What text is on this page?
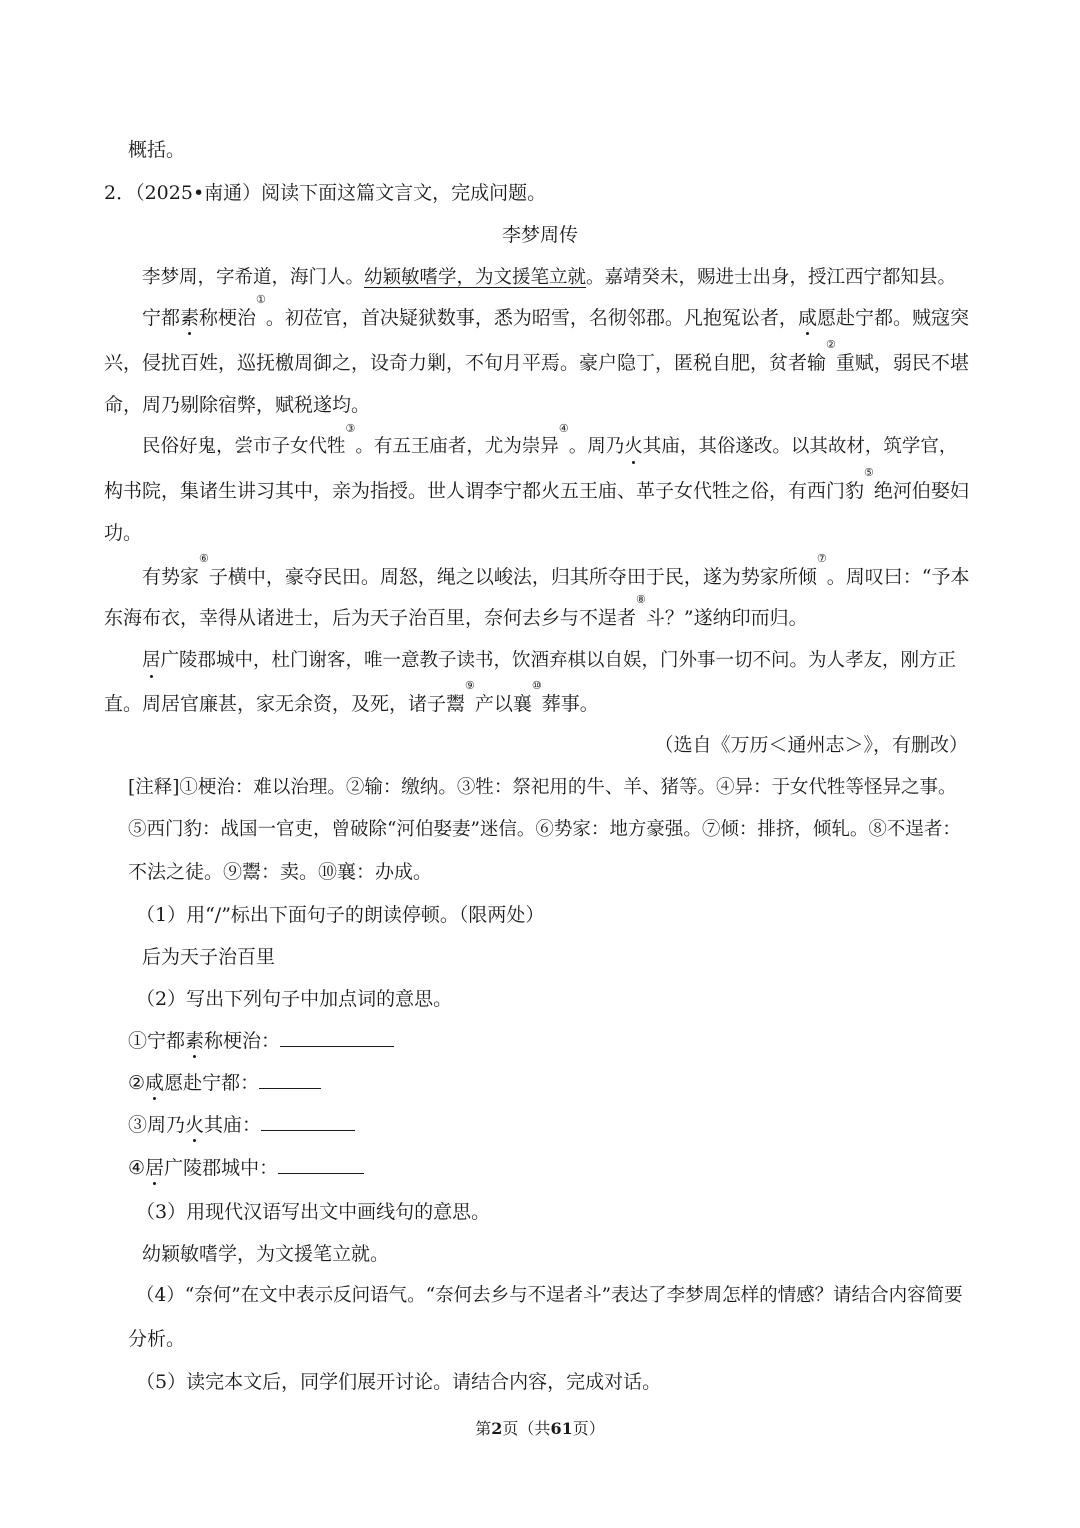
概括。
2．（2025•南通）阅读下面这篇文言文，完成问题。
李梦周传
李梦周，字希道，海门人。幼颖敏嗜学，为文援笔立就。嘉靖癸未，赐进士出身，授江西宁都知县。
宁都素称梗治①。初莅官，首决疑狱数事，悉为昭雪，名彻邻郡。凡抱冤讼者，咸愿赴宁都。贼寇突
兴，侵扰百姓，巡抚檄周御之，设奇力剿，不旬月平焉。豪户隐丁，匿税自肥，贫者输②重赋，弱民不堪
命，周乃剔除宿弊，赋税遂均。
民俗好鬼，尝市子女代牲③。有五王庙者，尤为崇异④。周乃火其庙，其俗遂改。以其故材，筑学官，
构书院，集诸生讲习其中，亲为指授。世人谓李宁都火五王庙、革子女代牲之俗，有西门豹⑤绝河伯娶妇
功。
有势家⑥子横中，豪夺民田。周怒，绳之以峻法，归其所夺田于民，遂为势家所倾⑦。周叹曰：“予本
东海布衣，幸得从诸进士，后为天子治百里，奈何去乡与不逞者⑧斗？”遂纳印而归。
居广陵郡城中，杜门谢客，唯一意教子读书，饮酒弃棋以自娱，门外事一切不问。为人孝友，刚方正
直。周居官廉甚，家无余资，及死，诸子鬻⑨产以襄⑩葬事。
（选自《万历＜通州志＞》，有删改）
[注释]①梗治：难以治理。②输：缴纳。③牲：祭祀用的牛、羊、猪等。④异：于女代牲等怪异之事。
⑤西门豹：战国一官吏，曾破除“河伯娶妻”迷信。⑥势家：地方豪强。⑦倾：排挤，倾轧。⑧不逞者：
不法之徒。⑨鬻：卖。⑩襄：办成。
（1）用“/”标出下面句子的朗读停顿。（限两处）
后为天子治百里
（2）写出下列句子中加点词的意思。
①宁都素称梗治：
②咸愿赴宁都：
③周乃火其庙：
④居广陵郡城中：
（3）用现代汉语写出文中画线句的意思。
幼颖敏嗜学，为文援笔立就。
（4）“奈何”在文中表示反问语气。“奈何去乡与不逞者斗”表达了李梦周怎样的情感？请结合内容简要
分析。
（5）读完本文后，同学们展开讨论。请结合内容，完成对话。
第2页（共61页）
